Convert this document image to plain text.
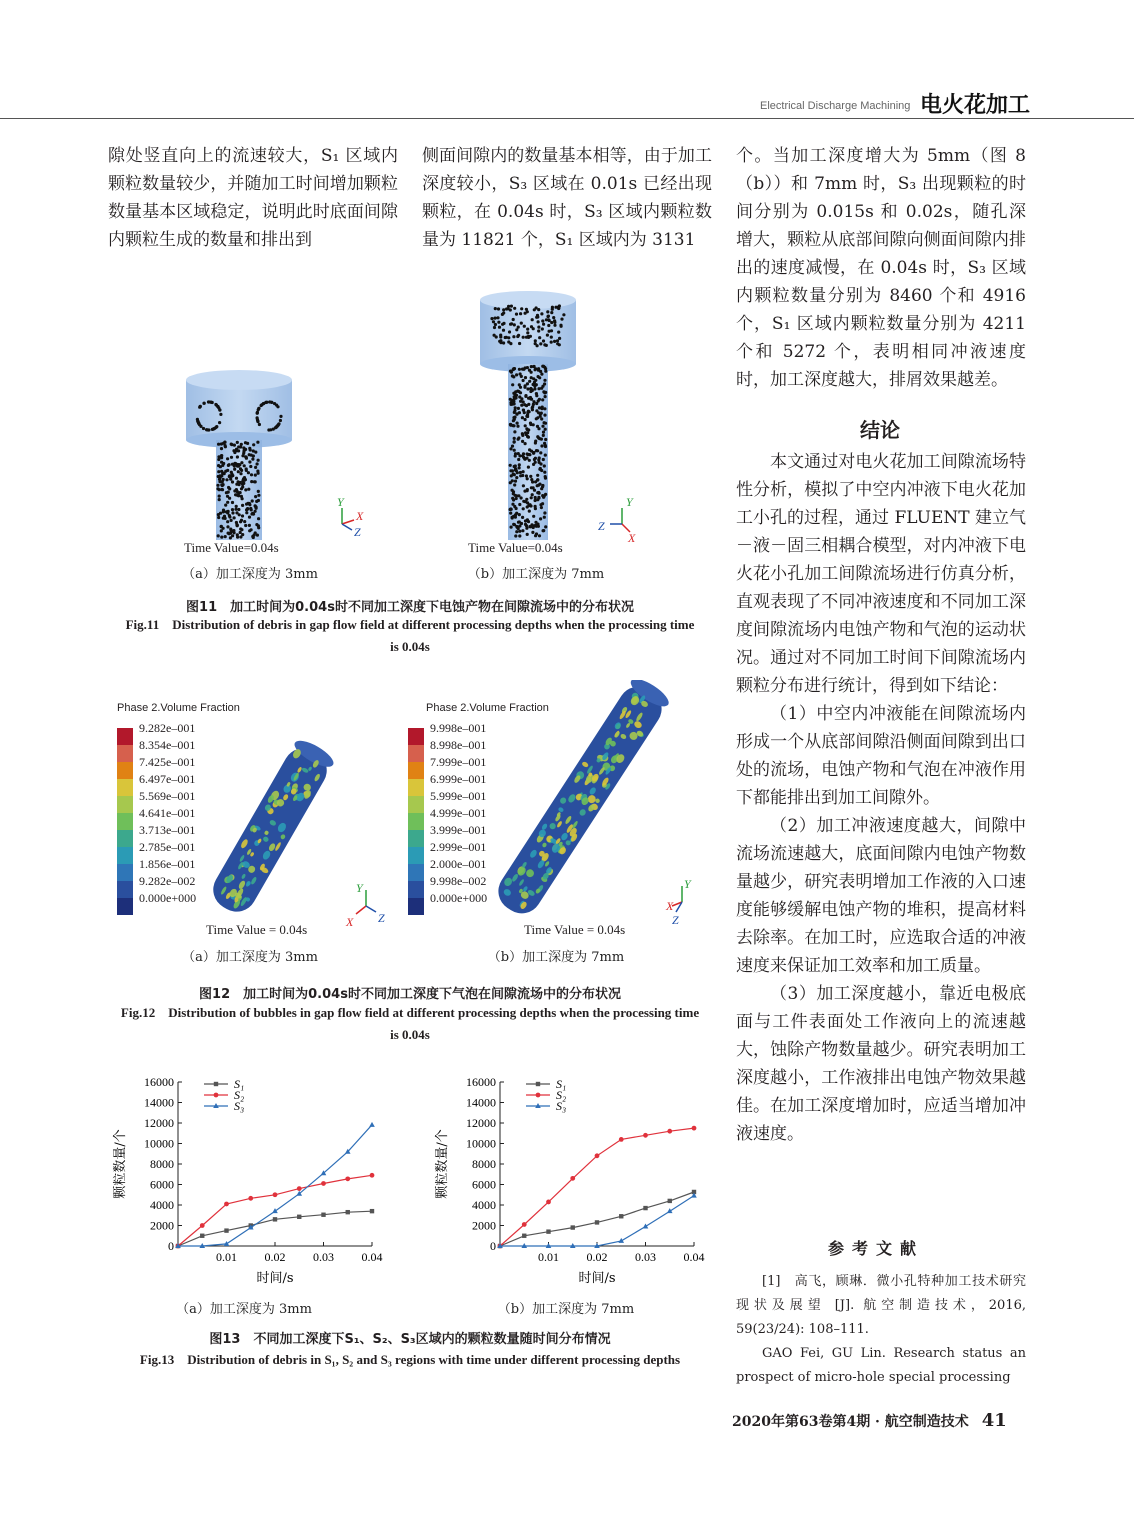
Electrical Discharge Machining 电火花加工

隙处竖直向上的流速较大，S₁ 区域内颗粒数量较少，并随加工时间增加颗粒数量基本区域稳定，说明此时底面间隙内颗粒生成的数量和排出到

侧面间隙内的数量基本相等，由于加工深度较小，S₃ 区域在 0.01s 已经出现颗粒，在 0.04s 时，S₃ 区域内颗粒数量为 11821 个，S₁ 区域内为 3131

个。当加工深度增大为 5mm（图 8（b））和 7mm 时，S₃ 出现颗粒的时间分别为 0.015s 和 0.02s，随孔深增大，颗粒从底部间隙向侧面间隙内排出的速度减慢，在 0.04s 时，S₃ 区域内颗粒数量分别为 8460 个和 4916 个，S₁ 区域内颗粒数量分别为 4211 个和 5272 个，表明相同冲液速度时，加工深度越大，排屑效果越差。

结论

本文通过对电火花加工间隙流场特性分析，模拟了中空内冲液下电火花加工小孔的过程，通过 FLUENT 建立气－液－固三相耦合模型，对内冲液下电火花小孔加工间隙流场进行仿真分析，直观表现了不同冲液速度和不同加工深度间隙流场内电蚀产物和气泡的运动状况。通过对不同加工时间下间隙流场内颗粒分布进行统计，得到如下结论：

（1）中空内冲液能在间隙流场内形成一个从底部间隙沿侧面间隙到出口处的流场，电蚀产物和气泡在冲液作用下都能排出到加工间隙外。

（2）加工冲液速度越大，间隙中流场流速越大，底面间隙内电蚀产物数量越少，研究表明增加工作液的入口速度能够缓解电蚀产物的堆积，提高材料去除率。在加工时，应选取合适的冲液速度来保证加工效率和加工质量。

（3）加工深度越小，靠近电极底面与工件表面处工作液向上的流速越大，蚀除产物数量越少。研究表明加工深度越小，工作液排出电蚀产物效果越佳。在加工深度增加时，应适当增加冲液速度。

参考文献
[1]　高飞，顾琳．微小孔特种加工技术研究现状及展望 [J]. 航空制造技术，2016, 59(23/24): 108–111.
GAO Fei, GU Lin. Research status an prospect of micro-hole special processing
2020年第63卷第4期 · 航空制造技术 41
Y
X
Z
Y
X
Z
Time Value=0.04s	Time Value=0.04s
（a）加工深度为 3mm	（b）加工深度为 7mm
图11　加工时间为0.04s时不同加工深度下电蚀产物在间隙流场中的分布状况
Fig.11　Distribution of debris in gap flow field at different processing depths when the processing time is 0.04s
Phase 2.Volume Fraction	Phase 2.Volume Fraction
9.282e–001
8.354e–001
7.425e–001
6.497e–001
5.569e–001
4.641e–001
3.713e–001
2.785e–001
1.856e–001
9.282e–002
0.000e+000
9.998e–001
8.998e–001
7.999e–001
6.999e–001
5.999e–001
4.999e–001
3.999e–001
2.999e–001
2.000e–001
9.998e–002
0.000e+000
Y
X Z
Y
X
Z
Time Value = 0.04s	Time Value = 0.04s
（a）加工深度为 3mm	（b）加工深度为 7mm
图12　加工时间为0.04s时不同加工深度下气泡在间隙流场中的分布状况
Fig.12　Distribution of bubbles in gap flow field at different processing depths when the processing time is 0.04s
0
2000
4000
6000
8000
10000
12000
14000
16000
0.01 0.02 0.03 0.04
时间/s
颗粒数量/个
S₁
S₂
S₃
0
2000
4000
6000
8000
10000
12000
14000
16000
0.01 0.02 0.03 0.04
时间/s
颗粒数量/个
S₁
S₂
S₃
（a）加工深度为 3mm	（b）加工深度为 7mm
图13　不同加工深度下S₁、S₂、S₃区域内的颗粒数量随时间分布情况
Fig.13　Distribution of debris in S₁, S₂ and S₃ regions with time under different processing depths
